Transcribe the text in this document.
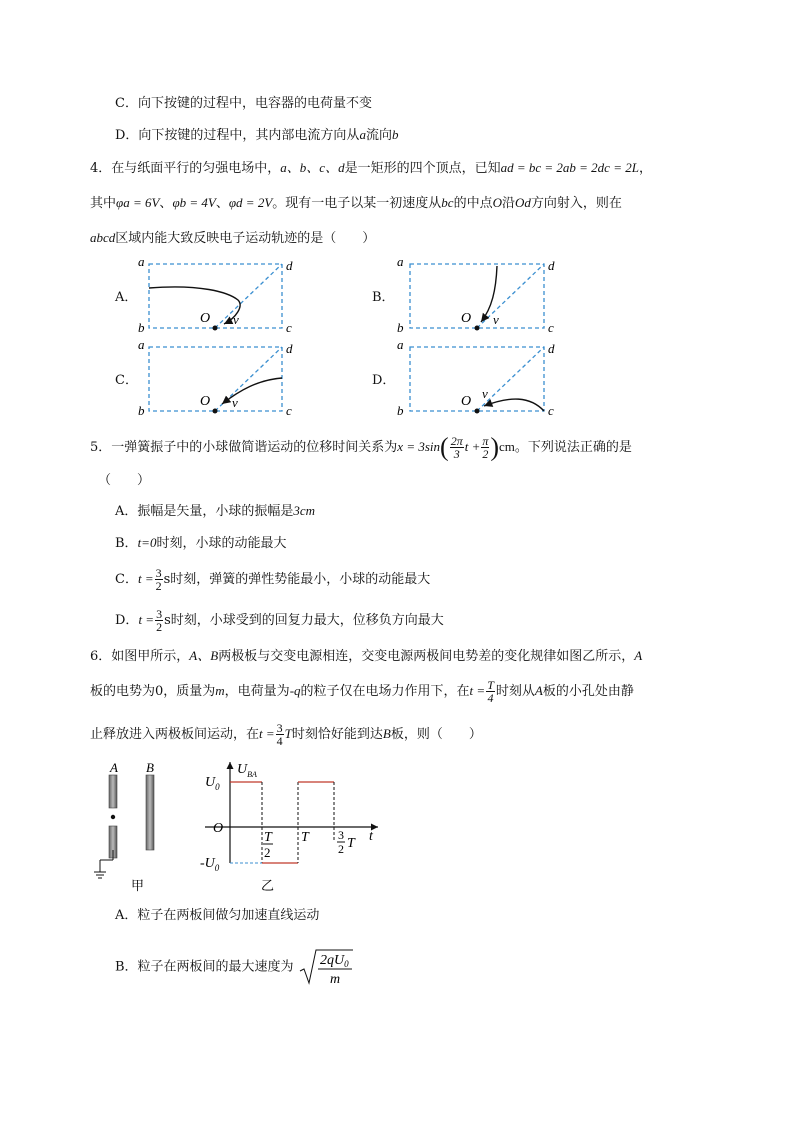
C．向下按键的过程中，电容器的电荷量不变
D．向下按键的过程中，其内部电流方向从a流向b
4．在与纸面平行的匀强电场中，a、b、c、d是一矩形的四个顶点，已知ad = bc = 2ab = 2dc = 2L，
其中φa = 6V、φb = 4V、φd = 2V。现有一电子以某一初速度从bc的中点O沿Od方向射入，则在
abcd区域内能大致反映电子运动轨迹的是（　　）
A．	B．
C．	D．
a
b	c
d
O v
a
b	c
d
O v
a
b	c
d
O v
a
b	c
d
O
v
5．一弹簧振子中的小球做简谐运动的位移时间关系为$x = 3\sin( \frac{2\pi}{3}$ $t + \frac{\pi}{2} )cm$。下列说法正确的是
（　　）
A．振幅是矢量，小球的振幅是3cm
B．t=0时刻，小球的动能最大
C．$t = \frac{3}{2}$ s时刻，弹簧的弹性势能最小，小球的动能最大
D．$t = \frac{3}{2}$ s时刻，小球受到的回复力最大，位移负方向最大
6．如图甲所示，A、B两极板与交变电源相连，交变电源两极间电势差的变化规律如图乙所示，A
板的电势为0，质量为m，电荷量为-q的粒子仅在电场力作用下，在$t = \frac{T}{4}$ 时刻从A板的小孔处由静
止释放进入两极板间运动，在$t = \frac{3}{4}$ T时刻恰好能到达B板，则（　　）
A B
甲
$U_{BA}$
$U_0$
O
$-U_0$
T
2
T 3
2 T t
乙
A．粒子在两板间做匀加速直线运动
B．粒子在两板间的最大速度为 $2qU_0$
m
